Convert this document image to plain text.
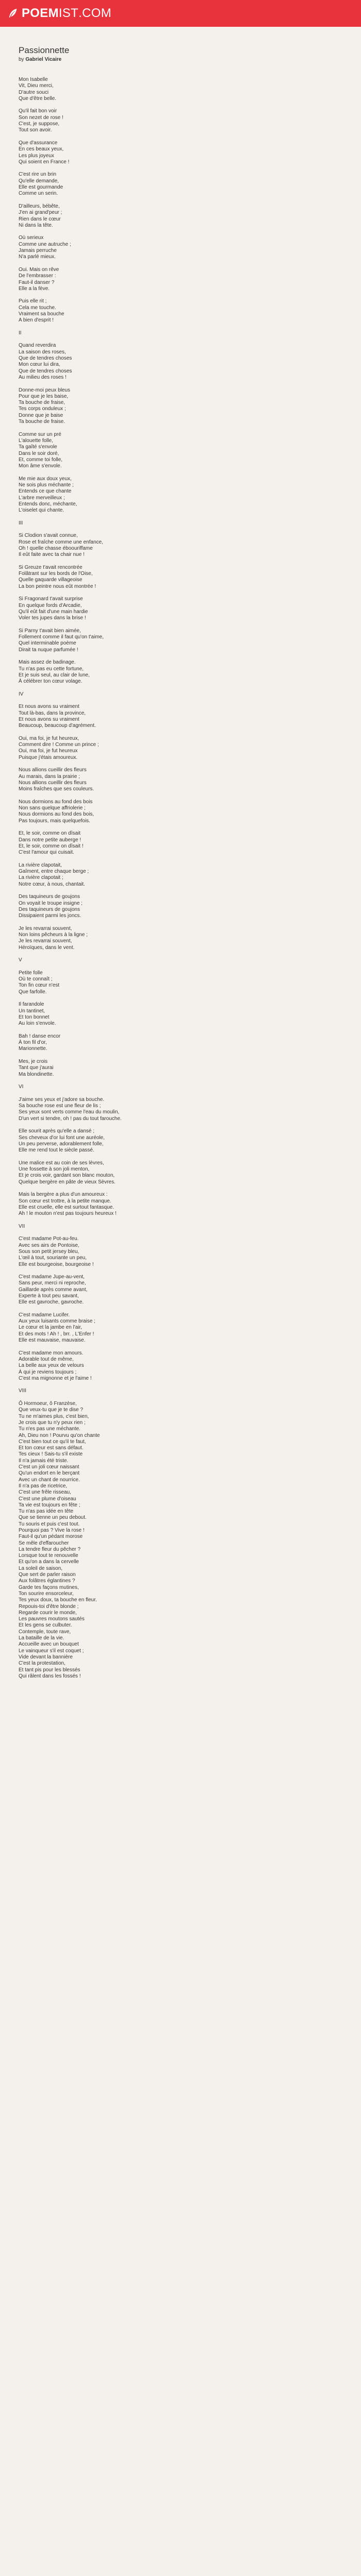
POEM IST .COM
Passionnette
by Gabriel Vicaire
Mon Isabelle
Vit, Dieu merci,
D'autre souci
Que d'être belle.
Qu'il fait bon voir
Son nezet de rose !
C'est, je suppose,
Tout son avoir.
Que d'assurance
En ces beaux yeux,
Les plus joyeux
Qui soient en France !
C'est rire un brin
Qu'elle demande,
Elle est gourmande
Comme un serin.
D'ailleurs, bébête,
J'en ai grand'peur ;
Rien dans le cœur
Ni dans la tête.
Où serieux
Comme une autruche ;
Jamais perruche
N'a parlé mieux.
Oui. Mais on rêve
De l'embrasser :
Faut-il danser ?
Elle a la fève.
Puis elle rit ;
Cela me touche.
Vraiment sa bouche
A bien d'esprit !
II
Quand reverdira
La saison des roses,
Que de tendres choses
Mon cœur lui dira,
Que de tendres choses
Au milieu des roses !
Donne-moi peux bleus
Pour que je les baise,
Ta bouche de fraise,
Tes corps onduleux ;
Donne que je baise
Ta bouche de fraise.
Comme sur un pré
L'alouette folle,
Ta gaîté s'envole
Dans le soir doré,
Et, comme toi folle,
Mon âme s'envole.
Me mie aux doux yeux,
Ne sois plus méchante ;
Entends ce que chante
L'arbre merveilleux ;
Entends donc, méchante,
L'oiselet qui chante.
III
Si Clodion s'avait connue,
Rose et fraîche comme une enfance,
Oh ! quelle chasse éboouriffame
Il eût faite avec ta chair nue !
Si Greuze t'avait rencontrée
Folâtrant sur les bords de l'Oise,
Quelle gaquarde villageoise
La bon peintre nous eût montrée !
Si Fragonard t'avait surprise
En quelque fords d'Arcadie,
Qu'il eût fait d'une main hardie
Voler tes jupes dans la brise !
Si Parny t'avait bien aimée,
Follement comme il faut qu'on t'aime,
Quel interminable poème
Dirait ta nuque parfumée !
Mais assez de badinage.
Tu n'as pas eu cette fortune,
Et je suis seul, au clair de lune,
À célébrer ton cœur volage.
IV
Et nous avons su vraiment
Tout là-bas, dans la province,
Et nous avons su vraiment
Beaucoup, beaucoup d'agrément.
Oui, ma foi, je fut heureux,
Comment dire ! Comme un prince ;
Oui, ma foi, je fut heureux
Puisque j'étais amoureux.
Nous allions cueillir des fleurs
Au marais, dans la prairie ;
Nous allions cueillir des fleurs
Moins fraîches que ses couleurs.
Nous dormions au fond des bois
Non sans quelque affriolerie ;
Nous dormions au fond des bois,
Pas toujours, mais quelquefois.
Et, le soir, comme on dîsait
Dans notre petite auberge !
Et, le soir, comme on dîsait !
C'est l'amour qui cuisait.
La rivière clapotait,
Gaîment, entre chaque berge ;
La rivière clapotait ;
Notre cœur, à nous, chantait.
Des taquineurs de goujons
On voyait le troupe insigne ;
Des taquineurs de goujons
Dissipaient parmi les joncs.
Je les revarrai souvent,
Non loins pêcheurs à la ligne ;
Je les revarrai souvent,
Héroïques, dans le vent.
V
Petite folle
Où te connaît ;
Ton fin cœur n'est
Que farfolle.
Il farandole
Un tantinet,
Et ton bonnet
Au loin s'envole.
Bah ! danse encor
À ton fil d'or,
Marionnette.
Mes, je crois
Tant que j'aurai
Ma blondinette.
VI
J'aime ses yeux et j'adore sa bouche.
Sa bouche rose est une fleur de lis ;
Ses yeux sont verts comme l'eau du moulin,
D'un vert si tendre, oh ! pas du tout farouche.
Elle sourit après qu'elle a dansé ;
Ses cheveux d'or lui font une auréole,
Un peu perverse, adorablement folle,
Elle me rend tout le siècle passé.
Une malice est au coin de ses lèvres,
Une fossette à son joli menton,
Et je crois voir, gardant son blanc mouton,
Quelque bergère en pâte de vieux Sèvres.
Mais la bergère a plus d'un amoureux :
Son cœur est trottre, à la petite manque.
Elle est cruelle, elle est surtout fantasque.
Ah ! le mouton n'est pas toujours heureux !
VII
C'est madame Pot-au-feu.
Avec ses airs de Pontoise,
Sous son petit jersey bleu,
L'œil à tout, souriante un peu,
Elle est bourgeoise, bourgeoise !
C'est madame Jupe-au-vent,
Sans peur, merci ni reproche,
Gaillarde après comme avant,
Experte à tout peu savant,
Elle est gavroche, gavroche.
C'est madame Lucifer.
Aux yeux luisants comme braise ;
Le cœur et la jambe en l'air,
Et des mots ! Ah ! , brr. , L'Enfer !
Elle est mauvaise, mauvaise.
C'est madame mon amours.
Adorable tout de même,
La belle aux yeux de velours
À qui je reviens toujours ;
C'est ma mignonne et je l'aime !
VIII
Ô Hormoeur, ô Franzèse,
Que veux-tu que je te dise ?
Tu ne m'aimes plus, c'est bien,
Je crois que tu n'y peux rien ;
Tu n'es pas une méchante.
Ah, Dieu non ! Pourvu qu'on chante
C'est bien tout ce qu'il te faut,
Et ton cœur est sans défaut.
Tes cieux ! Sais-tu s'il existe
Il n'a jamais été triste.
C'est un joli cœur naissant
Qu'un endort en le berçant
Avec un chant de nourrice.
Il n'a pas de ricetrice,
C'est une frêle risseau,
C'est une plume d'oiseau
Ta vie est toujours en fête ;
Tu n'as pas idée en tête
Que se tienne un peu debout.
Tu souris et puis c'est tout.
Pourquoi pas ? Vive la rose !
Faut-il qu'un pédant morose
Se mêle d'effaroucher
La tendre fleur du pêcher ?
Lorsque tout te renouvelle
Et qu'on a dans la cervelle
La soleil de saison,
Que sert de parler raison
Aux folâtres églantines ?
Garde tes façons mutines,
Ton sourire ensorceleur,
Tes yeux doux, ta bouche en fleur.
Repouis-toi d'être blonde ;
Regarde courir le monde,
Les pauvres moutons sautés
Et les gens se culbuter.
Contemple, toute rave,
La bataille de la vie.
Accueille avec un bouquet
Le vainqueur s'il est coquet ;
Vide devant la bannière
C'est la protestation,
Et tant pis pour les blessés
Qui râlent dans les fossés !
